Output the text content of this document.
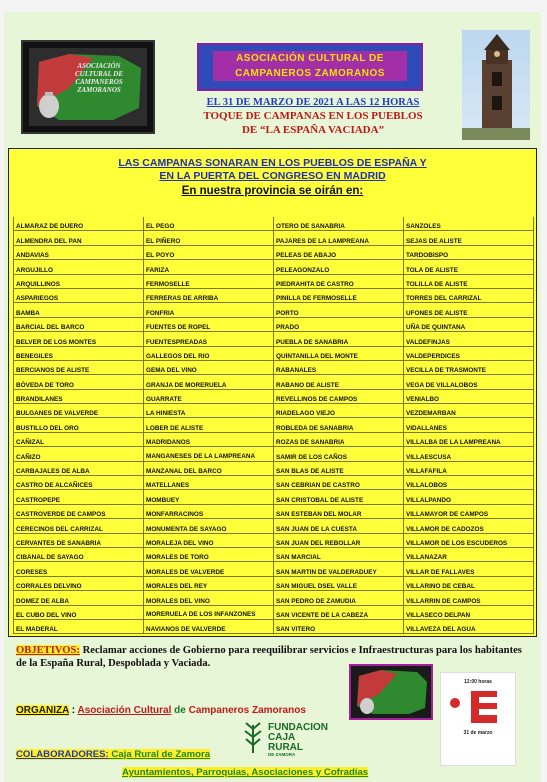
ASOCIACIÓN
CULTURAL DE
CAMPANEROS
ZAMORANOS
ASOCIACIÓN CULTURAL DE
CAMPANEROS ZAMORANOS
EL 31 DE MARZO DE 2021 A LAS 12 HORAS
TOQUE DE CAMPANAS EN LOS PUEBLOS
DE “LA ESPAÑA VACIADA”
LAS CAMPANAS SONARAN EN LOS PUEBLOS DE ESPAÑA Y
EN LA PUERTA DEL CONGRESO EN MADRID
En nuestra provincia se oirán en:
ALMARAZ DE DUERO	EL PEGO	OTERO DE SANABRIA	SANZOLES
ALMENDRA DEL PAN	EL PIÑERO	PAJARES DE LA LAMPREANA	SEJAS DE ALISTE
ANDAVIAS	EL POYO	PELEAS DE ABAJO	TARDOBISPO
ARGUJILLO	FARIZA	PELEAGONZALO	TOLA DE ALISTE
ARQUILLINOS	FERMOSELLE	PIEDRAHITA DE CASTRO	TOLILLA DE ALISTE
ASPARIEGOS	FERRERAS DE ARRIBA	PINILLA DE FERMOSELLE	TORRES DEL CARRIZAL
BAMBA	FONFRIA	PORTO	UFONES DE ALISTE
BARCIAL DEL BARCO	FUENTES DE ROPEL	PRADO	UÑA DE QUINTANA
BELVER DE LOS MONTES	FUENTESPREADAS	PUEBLA DE SANABRIA	VALDEFINJAS
BENEGILES	GALLEGOS DEL RIO	QUINTANILLA DEL MONTE	VALDEPERDICES
BERCIANOS DE ALISTE	GEMA DEL VINO	RABANALES	VECILLA DE TRASMONTE
BÓVEDA DE TORO	GRANJA DE MORERUELA	RABANO DE ALISTE	VEGA DE VILLALOBOS
BRANDILANES	GUARRATE	REVELLINOS DE CAMPOS	VENIALBO
BULGANES DE VALVERDE	LA HINIESTA	RIADELAGO VIEJO	VEZDEMARBAN
BUSTILLO DEL ORO	LOBER DE ALISTE	ROBLEDA DE SANABRIA	VIDALLANES
CAÑIZAL	MADRIDANOS	ROZAS DE SANABRIA	VILLALBA DE LA LAMPREANA
CAÑIZO	MANGANESES DE LA LAMPREANA	SAMIR DE LOS CAÑOS	VILLAESCUSA
CARBAJALES DE ALBA	MANZANAL DEL BARCO	SAN BLAS DE ALISTE	VILLAFAFILA
CASTRO DE ALCAÑICES	MATELLANES	SAN CEBRIAN DE CASTRO	VILLALOBOS
CASTROPEPE	MOMBUEY	SAN CRISTOBAL DE ALISTE	VILLALPANDO
CASTROVERDE DE CAMPOS	MONFARRACINOS	SAN ESTEBAN DEL MOLAR	VILLAMAYOR DE CAMPOS
CERECINOS DEL CARRIZAL	MONUMENTA DE SAYAGO	SAN JUAN DE LA CUESTA	VILLAMOR DE CADOZOS
CERVANTES DE SANABRIA	MORALEJA DEL VINO	SAN JUAN DEL REBOLLAR	VILLAMOR DE LOS ESCUDEROS
CIBANAL DE SAYAGO	MORALES DE TORO	SAN MARCIAL	VILLANAZAR
CORESES	MORALES DE VALVERDE	SAN MARTIN DE VALDERADUEY	VILLAR DE FALLAVES
CORRALES DELVINO	MORALES DEL REY	SAN MIGUEL DSEL VALLE	VILLARINO DE CEBAL
DOMEZ DE ALBA	MORALES DEL VINO	SAN PEDRO DE ZAMUDIA	VILLARRIN DE CAMPOS
EL CUBO DEL VINO	MORERUELA DE LOS INFANZONES	SAN VICENTE DE LA CABEZA	VILLASECO DELPAN
EL MADERAL	NAVIANOS DE VALVERDE	SAN VITERO	VILLAVEZA DEL AGUA
OBJETIVOS: Reclamar acciones de Gobierno para reequilibrar servicios e Infraestructuras para los habitantes de la España Rural, Despoblada y Vaciada.
ORGANIZA : Asociación Cultural de Campaneros Zamoranos
FUNDACION
CAJA RURAL
DE ZAMORA
COLABORADORES: Caja Rural de Zamora
Ayuntamientos, Parroquias, Asociaciones y Cofradías
12:00 horas
31 de marzo
